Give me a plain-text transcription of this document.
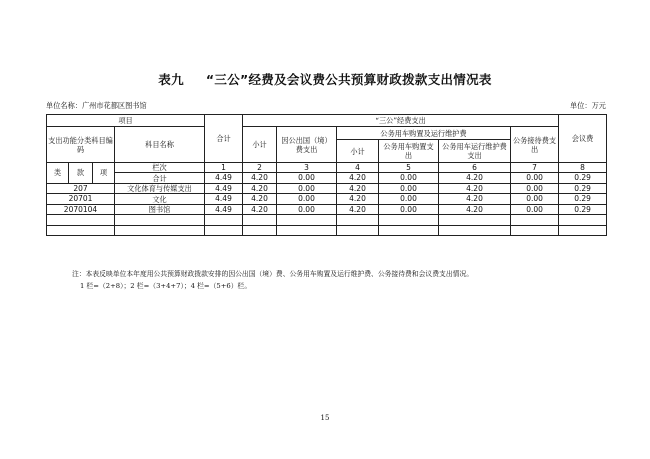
表九 “三公”经费及会议费公共预算财政拨款支出情况表
单位名称：广州市花都区图书馆	单位：万元
项目				合计	“三公”经费支出						会议费
支出功能分类科目编码			科目名称		小计	因公出国（境）费支出	公务用车购置及运行维护费			公务接待费支出	
							小计	公务用车购置支出	公务用车运行维护费支出		
类	款	项	栏次	1	2	3	4	5	6	7	8
			合计	4.49	4.20	0.00	4.20	0.00	4.20	0.00	0.29
207			文化体育与传媒支出	4.49	4.20	0.00	4.20	0.00	4.20	0.00	0.29
20701			文化	4.49	4.20	0.00	4.20	0.00	4.20	0.00	0.29
2070104			图书馆	4.49	4.20	0.00	4.20	0.00	4.20	0.00	0.29

注：本表反映单位本年度用公共预算财政拨款安排的因公出国（境）费、公务用车购置及运行维护费、公务接待费和会议费支出情况。
1 栏=（2+8）；2 栏=（3+4+7）；4 栏=（5+6）栏。
15
